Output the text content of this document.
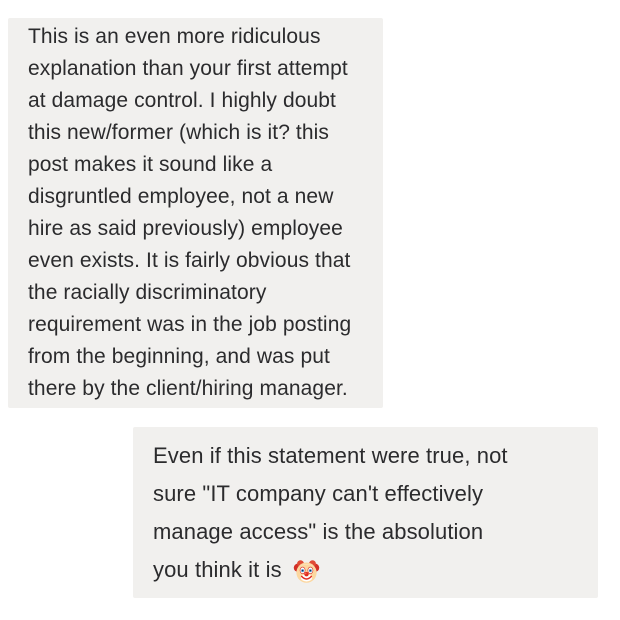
This is an even more ridiculous
explanation than your first attempt
at damage control. I highly doubt
this new/former (which is it? this
post makes it sound like a
disgruntled employee, not a new
hire as said previously) employee
even exists. It is fairly obvious that
the racially discriminatory
requirement was in the job posting
from the beginning, and was put
there by the client/hiring manager.
Even if this statement were true, not
sure "IT company can't effectively
manage access" is the absolution
you think it is
